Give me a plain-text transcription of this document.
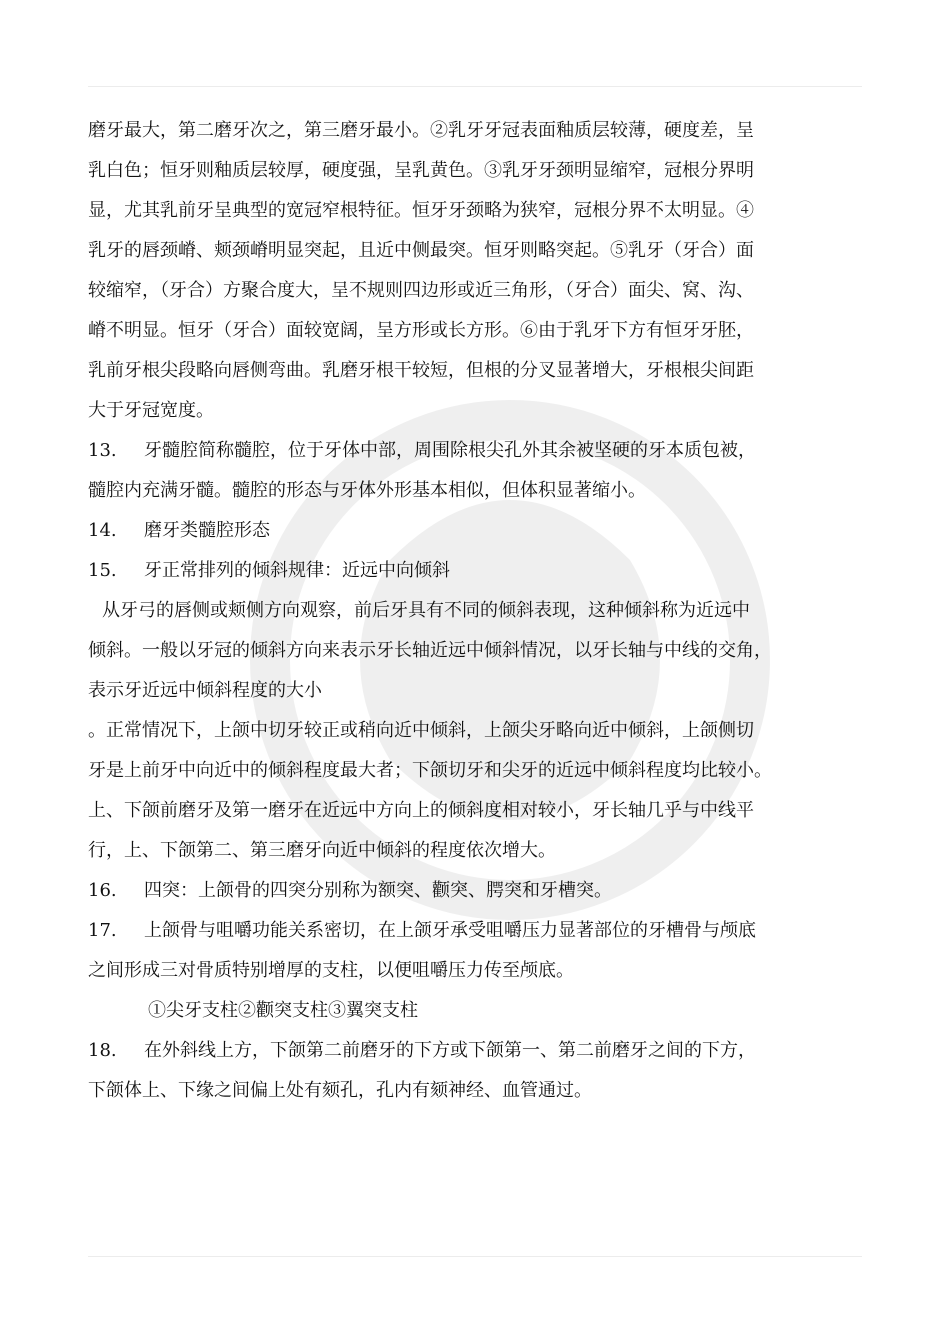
磨牙最大，第二磨牙次之，第三磨牙最小。②乳牙牙冠表面釉质层较薄，硬度差，呈
乳白色；恒牙则釉质层较厚，硬度强，呈乳黄色。③乳牙牙颈明显缩窄，冠根分界明
显，尤其乳前牙呈典型的宽冠窄根特征。恒牙牙颈略为狭窄，冠根分界不太明显。④
乳牙的唇颈嵴、颊颈嵴明显突起，且近中侧最突。恒牙则略突起。⑤乳牙（牙合）面
较缩窄，（牙合）方聚合度大，呈不规则四边形或近三角形，（牙合）面尖、窝、沟、
嵴不明显。恒牙（牙合）面较宽阔，呈方形或长方形。⑥由于乳牙下方有恒牙牙胚，
乳前牙根尖段略向唇侧弯曲。乳磨牙根干较短，但根的分叉显著增大，牙根根尖间距
大于牙冠宽度。
13. 牙髓腔简称髓腔，位于牙体中部，周围除根尖孔外其余被坚硬的牙本质包被，
髓腔内充满牙髓。髓腔的形态与牙体外形基本相似，但体积显著缩小。
14. 磨牙类髓腔形态
15. 牙正常排列的倾斜规律：近远中向倾斜
从牙弓的唇侧或颊侧方向观察，前后牙具有不同的倾斜表现，这种倾斜称为近远中
倾斜。一般以牙冠的倾斜方向来表示牙长轴近远中倾斜情况，以牙长轴与中线的交角，
表示牙近远中倾斜程度的大小
。正常情况下，上颌中切牙较正或稍向近中倾斜，上颌尖牙略向近中倾斜，上颌侧切
牙是上前牙中向近中的倾斜程度最大者；下颌切牙和尖牙的近远中倾斜程度均比较小。
上、下颌前磨牙及第一磨牙在近远中方向上的倾斜度相对较小，牙长轴几乎与中线平
行，上、下颌第二、第三磨牙向近中倾斜的程度依次增大。
16. 四突：上颌骨的四突分别称为额突、颧突、腭突和牙槽突。
17. 上颌骨与咀嚼功能关系密切，在上颌牙承受咀嚼压力显著部位的牙槽骨与颅底
之间形成三对骨质特别增厚的支柱，以便咀嚼压力传至颅底。
①尖牙支柱②颧突支柱③翼突支柱
18. 在外斜线上方，下颌第二前磨牙的下方或下颌第一、第二前磨牙之间的下方，
下颌体上、下缘之间偏上处有颏孔，孔内有颏神经、血管通过。
